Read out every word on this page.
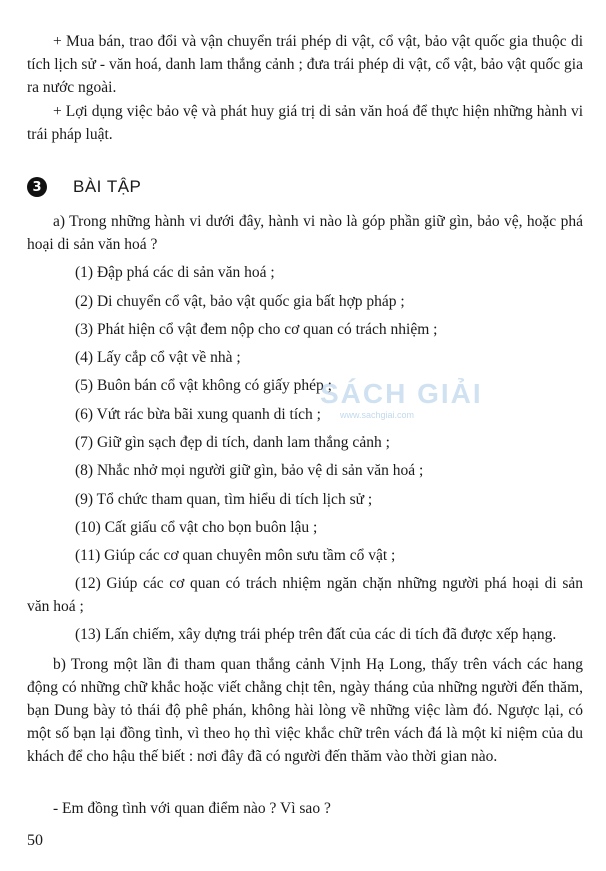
+ Mua bán, trao đổi và vận chuyển trái phép di vật, cổ vật, bảo vật quốc gia thuộc di tích lịch sử - văn hoá, danh lam thắng cảnh ; đưa trái phép di vật, cổ vật, bảo vật quốc gia ra nước ngoài.

+ Lợi dụng việc bảo vệ và phát huy giá trị di sản văn hoá để thực hiện những hành vi trái pháp luật.

3	BÀI TẬP

a) Trong những hành vi dưới đây, hành vi nào là góp phần giữ gìn, bảo vệ, hoặc phá hoại di sản văn hoá ?

(1) Đập phá các di sản văn hoá ;

(2) Di chuyển cổ vật, bảo vật quốc gia bất hợp pháp ;

(3) Phát hiện cổ vật đem nộp cho cơ quan có trách nhiệm ;

(4) Lấy cắp cổ vật về nhà ;

(5) Buôn bán cổ vật không có giấy phép ;

(6) Vứt rác bừa bãi xung quanh di tích ;

(7) Giữ gìn sạch đẹp di tích, danh lam thắng cảnh ;

(8) Nhắc nhở mọi người giữ gìn, bảo vệ di sản văn hoá ;

(9) Tổ chức tham quan, tìm hiểu di tích lịch sử ;

(10) Cất giấu cổ vật cho bọn buôn lậu ;

(11) Giúp các cơ quan chuyên môn sưu tầm cổ vật ;

(12) Giúp các cơ quan có trách nhiệm ngăn chặn những người phá hoại di sản văn hoá ;

(13) Lấn chiếm, xây dựng trái phép trên đất của các di tích đã được xếp hạng.

b) Trong một lần đi tham quan thắng cảnh Vịnh Hạ Long, thấy trên vách các hang động có những chữ khắc hoặc viết chằng chịt tên, ngày tháng của những người đến thăm, bạn Dung bày tỏ thái độ phê phán, không hài lòng về những việc làm đó. Ngược lại, có một số bạn lại đồng tình, vì theo họ thì việc khắc chữ trên vách đá là một kỉ niệm của du khách để cho hậu thế biết : nơi đây đã có người đến thăm vào thời gian nào.

- Em đồng tình với quan điểm nào ? Vì sao ?

SÁCH GIẢI
www.sachgiai.com
50
